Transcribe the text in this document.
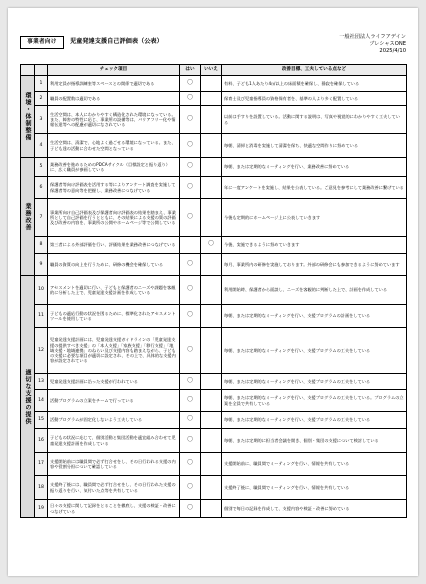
事業者向け	児童発達支援自己評価表（公表）
一般社団法人ライフアデイン
ブレシャスONE
2025/4/10
		チェック項目	はい	いいえ	改善目標、工夫している点など
環境・体制整備	1	利用定員が指導訓練室等スペースとの関係で適切である	〇		有料、子ども1人あたり4㎡以上の床面積を確保し、静寂を確保している

	2	職員の配置数は適切である	〇		保育士及び児童指導員の資格保有者を、基準の人より多く配置している

	3	生活空間は、本人にわかりやすく構造化された環境になっている。また、障害の特性に応じ、事業所の設備等は、バリアフリー化や情報伝達等への配慮が適切になされている	〇		以前は手すりを設置している。活動に関する説明は、写真や視覚的にわかりやすく工夫している

	4	生活空間は、清潔で、心地よく過ごせる環境になっている。また、子ども達の活動に合わせた空間となっている	〇		毎朝、清掃と消毒を実施して清潔を保ち、快適な空間作りに努めている

業務改善	5	業務改善を進めるためのPDCAサイクル（目標設定と振り返り）に、広く職員が参画している	〇		毎朝、または定期的なミーティングを行い、業務改善に努めている

	6	保護者等向け評価表を活用する等によりアンケート調査を実施して保護者等の意向等を把握し、業務改善につなげている	〇		年に一度アンケートを実施し、結果を公表している。ご意見を参考にして業務改善に繋げている

	7	事業所向け自己評価表及び保護者向け評価表の結果を踏まえ、事業所として自己評価を行うとともに、その結果による支援の質の評価及び改善の内容を、事業所の公開やホームページ等で公開している	〇		今後も定期的にホームページ上に公表していきます

	8	第三者による外部評価を行い、評価結果を業務改善につなげている		〇	今後、実施できるように努めていきます

	9	職員の資質の向上を行うために、研修の機会を確保している	〇		毎月、事業所内の研修を実施しております。外部の研修会にも参加できるように努めています

適切な支援の提供	10	アセスメントを適切に行い、子どもと保護者のニーズや課題を客観的に分析した上で、児童発達支援計画を作成している	〇		利用開始時、保護者から面談し、ニーズを客観的に判断した上で、計画を作成している

	11	子どもの適応行動の状況を図るために、標準化されたアセスメントツールを使用している	〇		毎朝、または定期的なミーティングを行い、支援プログラムの計画をしている

	12	児童発達支援計画には、児童発達支援ガイドラインの「児童発達支援の提供すべき支援」の「本人支援」「家族支援」「移行支援」「地域支援・地域連携」のねらい及び支援内容も踏まえながら、子どもの支援に必要な項目が適切に設定され、その上で、具体的な支援内容が設定されている	〇		毎朝、または定期的なミーティングを行い、支援プログラムの工夫をしている

	13	児童発達支援計画に沿った支援が行われている	〇		毎朝、または定期的なミーティングを行い、支援プログラムの工夫をしている

	14	活動プログラムの立案をチームで行っている	〇		毎朝、または定期的なミーティングを行い、支援プログラムの工夫をしている。プログラムの立案を全員で共有している

	15	活動プログラムが固定化しないよう工夫している	〇		毎朝、または定期的なミーティングを行い、支援プログラムの工夫をしている

	16	子どもの状況に応じて、個別活動と集団活動を適宜組み合わせて児童発達支援計画を作成している	〇		毎朝、または定期的に担当者会議を開き、個別・集団の支援について検討している

	17	支援開始前には職員間で必ず打合せをし、その日行われる支援の内容や役割分担について確認している	〇		支援開始前に、職員間でミーティングを行い、情報を共有している

	18	支援終了後には、職員間で必ず打合せをし、その日行われた支援の振り返りを行い、気付いた点等を共有している	〇		支援終了後に、職員間でミーティングを行い、情報を共有している

	19	日々の支援に関して記録をとることを徹底し、支援の検証・改善につなげている	〇		個別で毎日の記録を作成して、支援内容や検証・改善に努めている
